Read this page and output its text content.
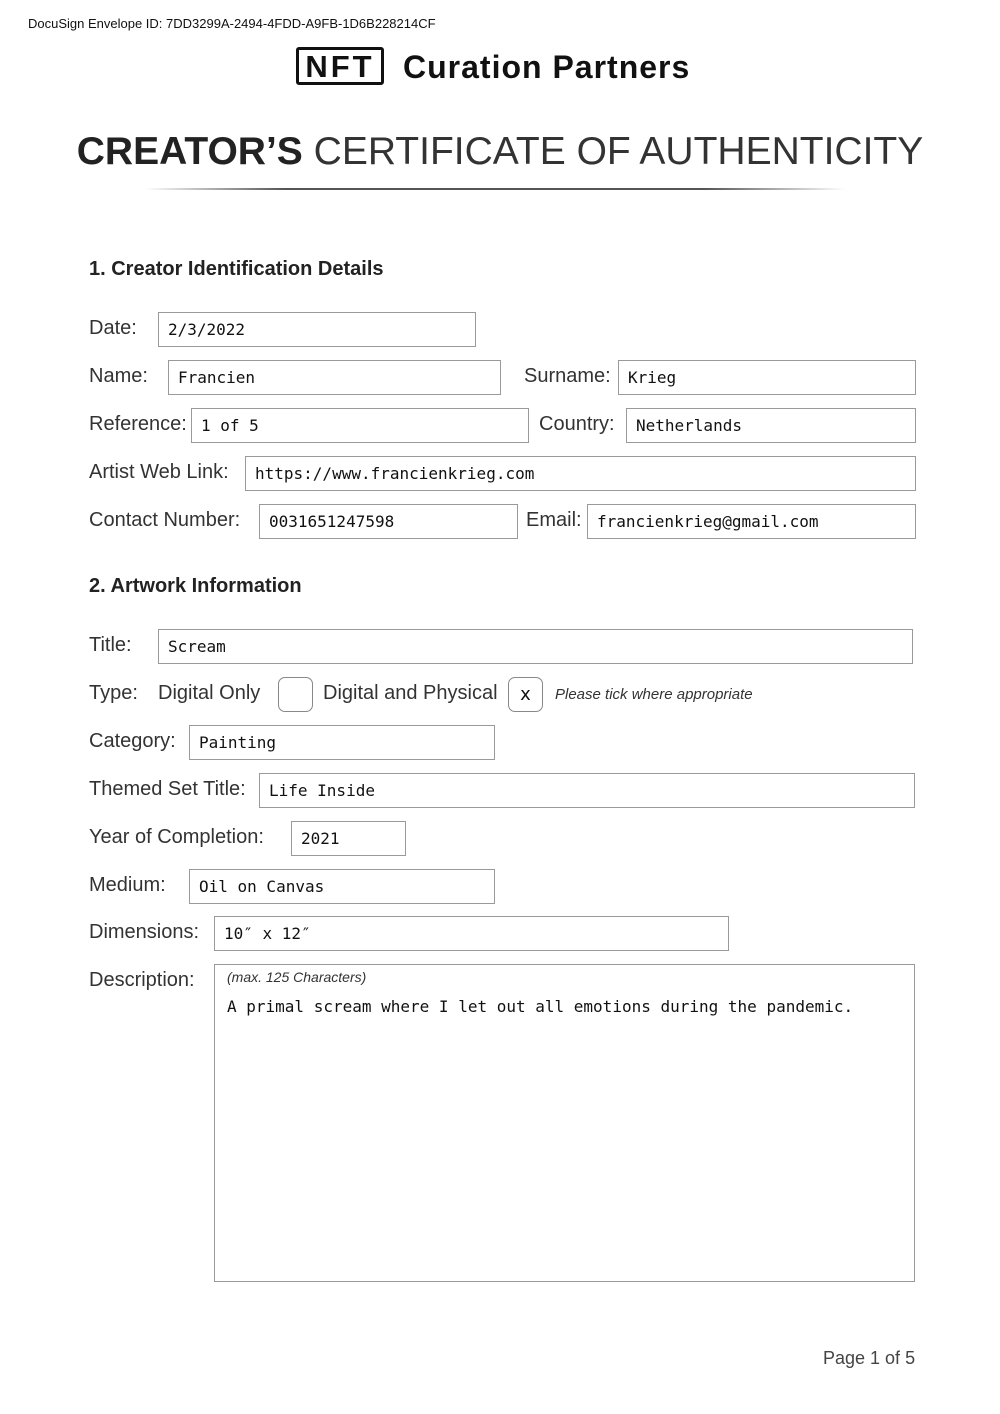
DocuSign Envelope ID: 7DD3299A-2494-4FDD-A9FB-1D6B228214CF
NFT Curation Partners
CREATOR’S CERTIFICATE OF AUTHENTICITY
1. Creator Identification Details
Date:	2/3/2022
Name:	Francien	Surname:	Krieg
Reference: 1 of 5	Country:	Netherlands
Artist Web Link:	https://www.francienkrieg.com
Contact Number:	0031651247598	Email: francienkrieg@gmail.com
2. Artwork Information
Title:	Scream
Type: Digital Only	Digital and Physical	x	Please tick where appropriate
Category:	Painting
Themed Set Title:	Life Inside
Year of Completion:	2021
Medium:	Oil on Canvas
Dimensions:	10″ x 12″
Description: (max. 125 Characters)
A primal scream where I let out all emotions during the pandemic.
Page 1 of 5
